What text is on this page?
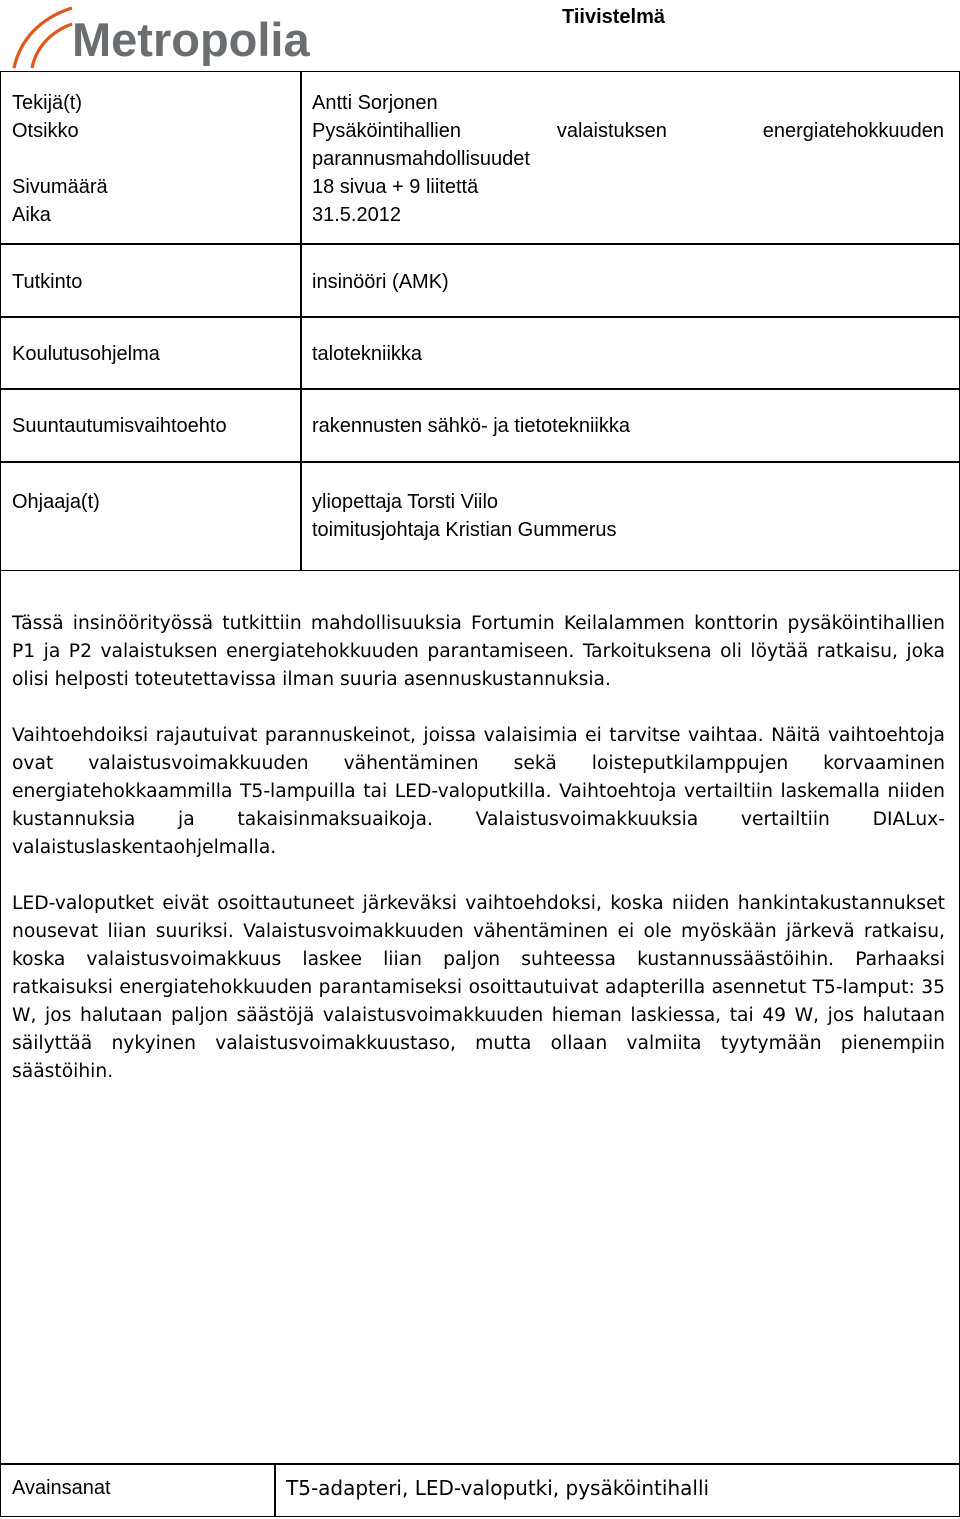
Metropolia	Tiivistelmä
Tekijä(t)	Antti Sorjonen
Otsikko	Pysäköintihallien	valaistuksen	energiatehokkuuden
parannusmahdollisuudet
Sivumäärä	18 sivua + 9 liitettä
Aika	31.5.2012
Tutkinto	insinööri (AMK)
Koulutusohjelma	talotekniikka
Suuntautumisvaihtoehto	rakennusten sähkö- ja tietotekniikka
Ohjaaja(t)	yliopettaja Torsti Viilo
toimitusjohtaja Kristian Gummerus

Tässä insinöörityössä tutkittiin mahdollisuuksia Fortumin Keilalammen konttorin pysäköintihallien P1 ja P2 valaistuksen energiatehokkuuden parantamiseen. Tarkoituksena oli löytää ratkaisu, joka olisi helposti toteutettavissa ilman suuria asennuskustannuksia.

Vaihtoehdoiksi rajautuivat parannuskeinot, joissa valaisimia ei tarvitse vaihtaa. Näitä vaihtoehtoja ovat valaistusvoimakkuuden vähentäminen sekä loisteputkilamppujen korvaaminen energiatehokkaammilla T5-lampuilla tai LED-valoputkilla. Vaihtoehtoja vertailtiin laskemalla niiden kustannuksia ja takaisinmaksuaikoja. Valaistusvoimakkuuksia vertailtiin DIALux-valaistuslaskentaohjelmalla.

LED-valoputket eivät osoittautuneet järkeväksi vaihtoehdoksi, koska niiden hankintakustannukset nousevat liian suuriksi. Valaistusvoimakkuuden vähentäminen ei ole myöskään järkevä ratkaisu, koska valaistusvoimakkuus laskee liian paljon suhteessa kustannussäästöihin. Parhaaksi ratkaisuksi energiatehokkuuden parantamiseksi osoittautuivat adapterilla asennetut T5-lamput: 35 W, jos halutaan paljon säästöjä valaistusvoimakkuuden hieman laskiessa, tai 49 W, jos halutaan säilyttää nykyinen valaistusvoimakkuustaso, mutta ollaan valmiita tyytymään pienempiin säästöihin.

Avainsanat	T5-adapteri, LED-valoputki, pysäköintihalli
